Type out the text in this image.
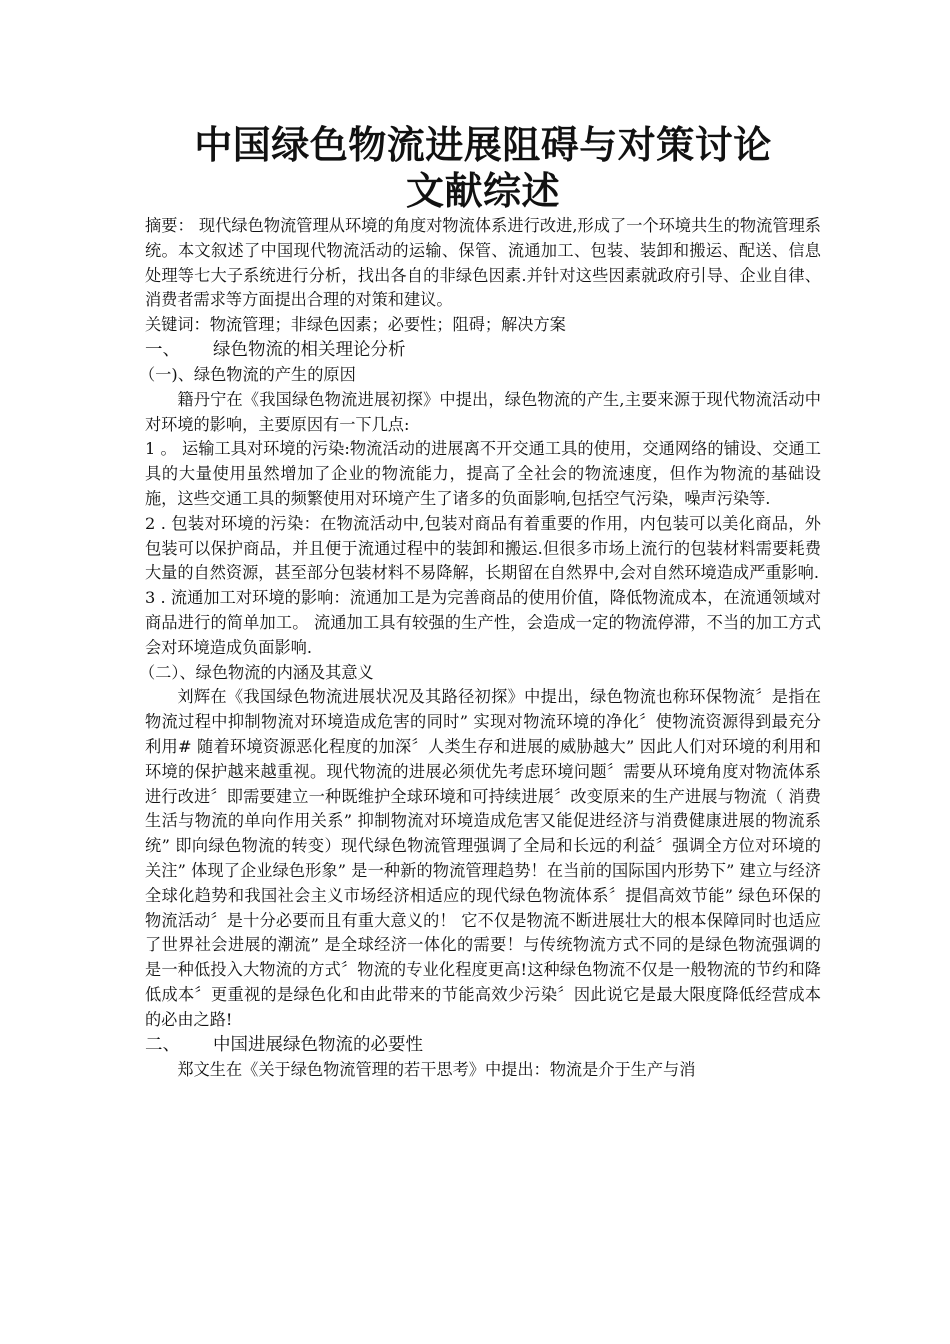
中国绿色物流进展阻碍与对策讨论
文献综述

摘要： 现代绿色物流管理从环境的角度对物流体系进行改进,形成了一个环境共生的物流管理系统。本文叙述了中国现代物流活动的运输、保管、流通加工、包装、装卸和搬运、配送、信息处理等七大子系统进行分析，找出各自的非绿色因素.并针对这些因素就政府引导、企业自律、消费者需求等方面提出合理的对策和建议。

关键词：物流管理；非绿色因素；必要性；阻碍；解决方案

一、 绿色物流的相关理论分析

（一)、绿色物流的产生的原因

籍丹宁在《我国绿色物流进展初探》中提出，绿色物流的产生,主要来源于现代物流活动中对环境的影响，主要原因有一下几点:

1 。 运输工具对环境的污染:物流活动的进展离不开交通工具的使用，交通网络的铺设、交通工具的大量使用虽然增加了企业的物流能力，提高了全社会的物流速度，但作为物流的基础设施，这些交通工具的频繁使用对环境产生了诸多的负面影响,包括空气污染，噪声污染等.

2 . 包装对环境的污染：在物流活动中,包装对商品有着重要的作用，内包装可以美化商品，外包装可以保护商品，并且便于流通过程中的装卸和搬运.但很多市场上流行的包装材料需要耗费大量的自然资源，甚至部分包装材料不易降解，长期留在自然界中,会对自然环境造成严重影响.

3 . 流通加工对环境的影响：流通加工是为完善商品的使用价值，降低物流成本，在流通领域对商品进行的简单加工。 流通加工具有较强的生产性，会造成一定的物流停滞，不当的加工方式会对环境造成负面影响.

（二）、绿色物流的内涵及其意义

刘辉在《我国绿色物流进展状况及其路径初探》中提出，绿色物流也称环保物流〞是指在物流过程中抑制物流对环境造成危害的同时” 实现对物流环境的净化〞使物流资源得到最充分利用# 随着环境资源恶化程度的加深〞人类生存和进展的威胁越大” 因此人们对环境的利用和环境的保护越来越重视。现代物流的进展必须优先考虑环境问题〞需要从环境角度对物流体系进行改进〞即需要建立一种既维护全球环境和可持续进展〞改变原来的生产进展与物流（ 消费生活与物流的单向作用关系” 抑制物流对环境造成危害又能促进经济与消费健康进展的物流系统” 即向绿色物流的转变）现代绿色物流管理强调了全局和长远的利益〞强调全方位对环境的关注” 体现了企业绿色形象” 是一种新的物流管理趋势！在当前的国际国内形势下” 建立与经济全球化趋势和我国社会主义市场经济相适应的现代绿色物流体系〞提倡高效节能” 绿色环保的物流活动〞是十分必要而且有重大意义的！ 它不仅是物流不断进展壮大的根本保障同时也适应了世界社会进展的潮流” 是全球经济一体化的需要！与传统物流方式不同的是绿色物流强调的是一种低投入大物流的方式〞物流的专业化程度更高!这种绿色物流不仅是一般物流的节约和降低成本〞更重视的是绿色化和由此带来的节能高效少污染〞因此说它是最大限度降低经营成本的必由之路!

二、 中国进展绿色物流的必要性

郑文生在《关于绿色物流管理的若干思考》中提出：物流是介于生产与消
